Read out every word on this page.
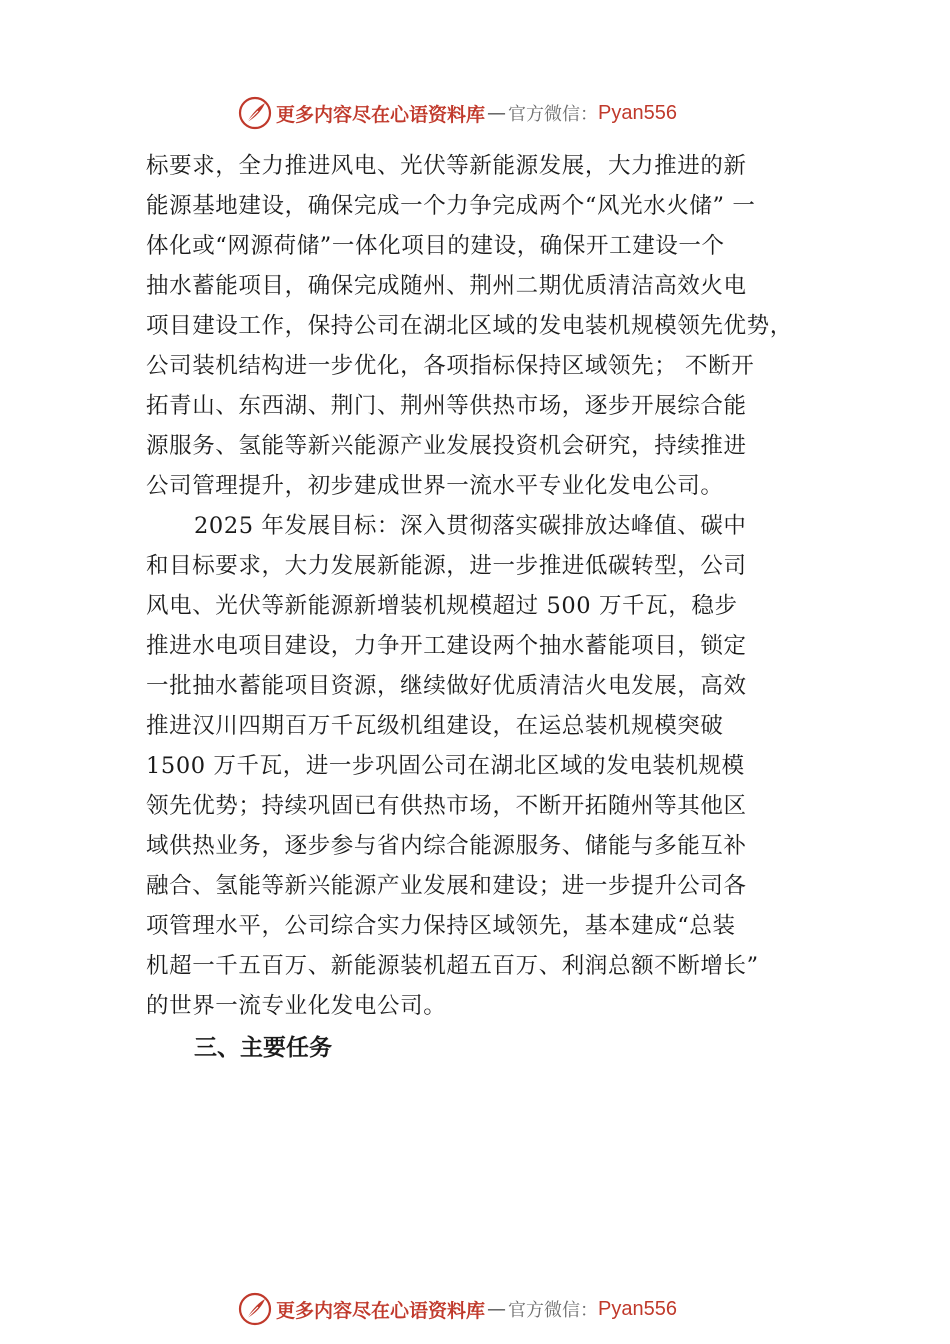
更多内容尽在心语资料库 — 官方微信： Pyan556
标要求，全力推进风电、光伏等新能源发展，大力推进的新
能源基地建设，确保完成一个力争完成两个“风光水火储” 一
体化或“网源荷储”一体化项目的建设，确保开工建设一个
抽水蓄能项目，确保完成随州、荆州二期优质清洁高效火电
项目建设工作，保持公司在湖北区域的发电装机规模领先优势，
公司装机结构进一步优化，各项指标保持区域领先； 不断开
拓青山、东西湖、荆门、荆州等供热市场，逐步开展综合能
源服务、氢能等新兴能源产业发展投资机会研究，持续推进
公司管理提升，初步建成世界一流水平专业化发电公司。
2025 年发展目标：深入贯彻落实碳排放达峰值、碳中
和目标要求，大力发展新能源，进一步推进低碳转型，公司
风电、光伏等新能源新增装机规模超过 500 万千瓦，稳步
推进水电项目建设，力争开工建设两个抽水蓄能项目，锁定
一批抽水蓄能项目资源，继续做好优质清洁火电发展，高效
推进汉川四期百万千瓦级机组建设，在运总装机规模突破
1500 万千瓦，进一步巩固公司在湖北区域的发电装机规模
领先优势；持续巩固已有供热市场，不断开拓随州等其他区
域供热业务，逐步参与省内综合能源服务、储能与多能互补
融合、氢能等新兴能源产业发展和建设；进一步提升公司各
项管理水平，公司综合实力保持区域领先，基本建成“总装
机超一千五百万、新能源装机超五百万、利润总额不断增长”
的世界一流专业化发电公司。
三、主要任务
更多内容尽在心语资料库 — 官方微信： Pyan556
